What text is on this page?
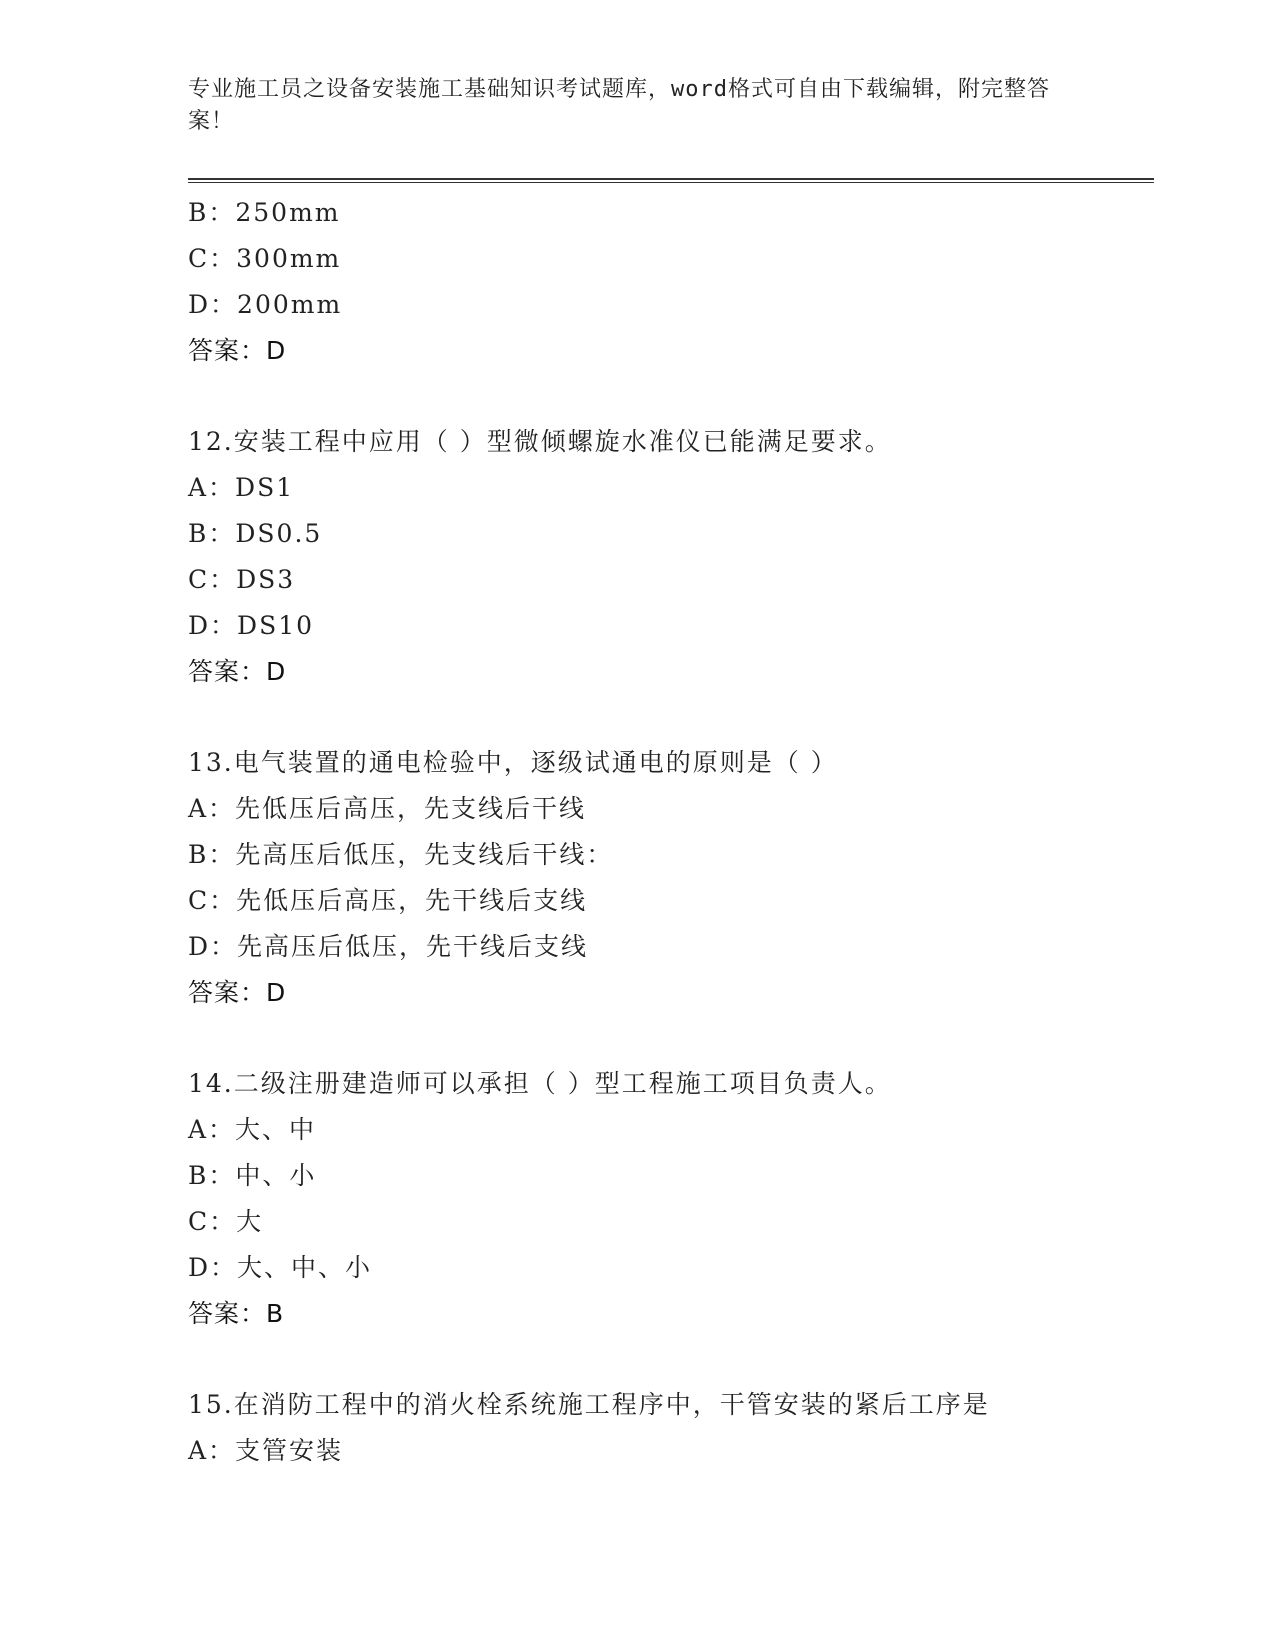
专业施工员之设备安装施工基础知识考试题库，word格式可自由下载编辑，附完整答案！
B：250mm
C：300mm
D：200mm
答案：D
12.安装工程中应用（ ）型微倾螺旋水准仪已能满足要求。
A：DS1
B：DS0.5
C：DS3
D：DS10
答案：D
13.电气装置的通电检验中，逐级试通电的原则是（ ）
A：先低压后高压，先支线后干线
B：先高压后低压，先支线后干线：
C：先低压后高压，先干线后支线
D：先高压后低压，先干线后支线
答案：D
14.二级注册建造师可以承担（ ）型工程施工项目负责人。
A：大、中
B：中、小
C：大
D：大、中、小
答案：B
15.在消防工程中的消火栓系统施工程序中，干管安装的紧后工序是
A：支管安装
